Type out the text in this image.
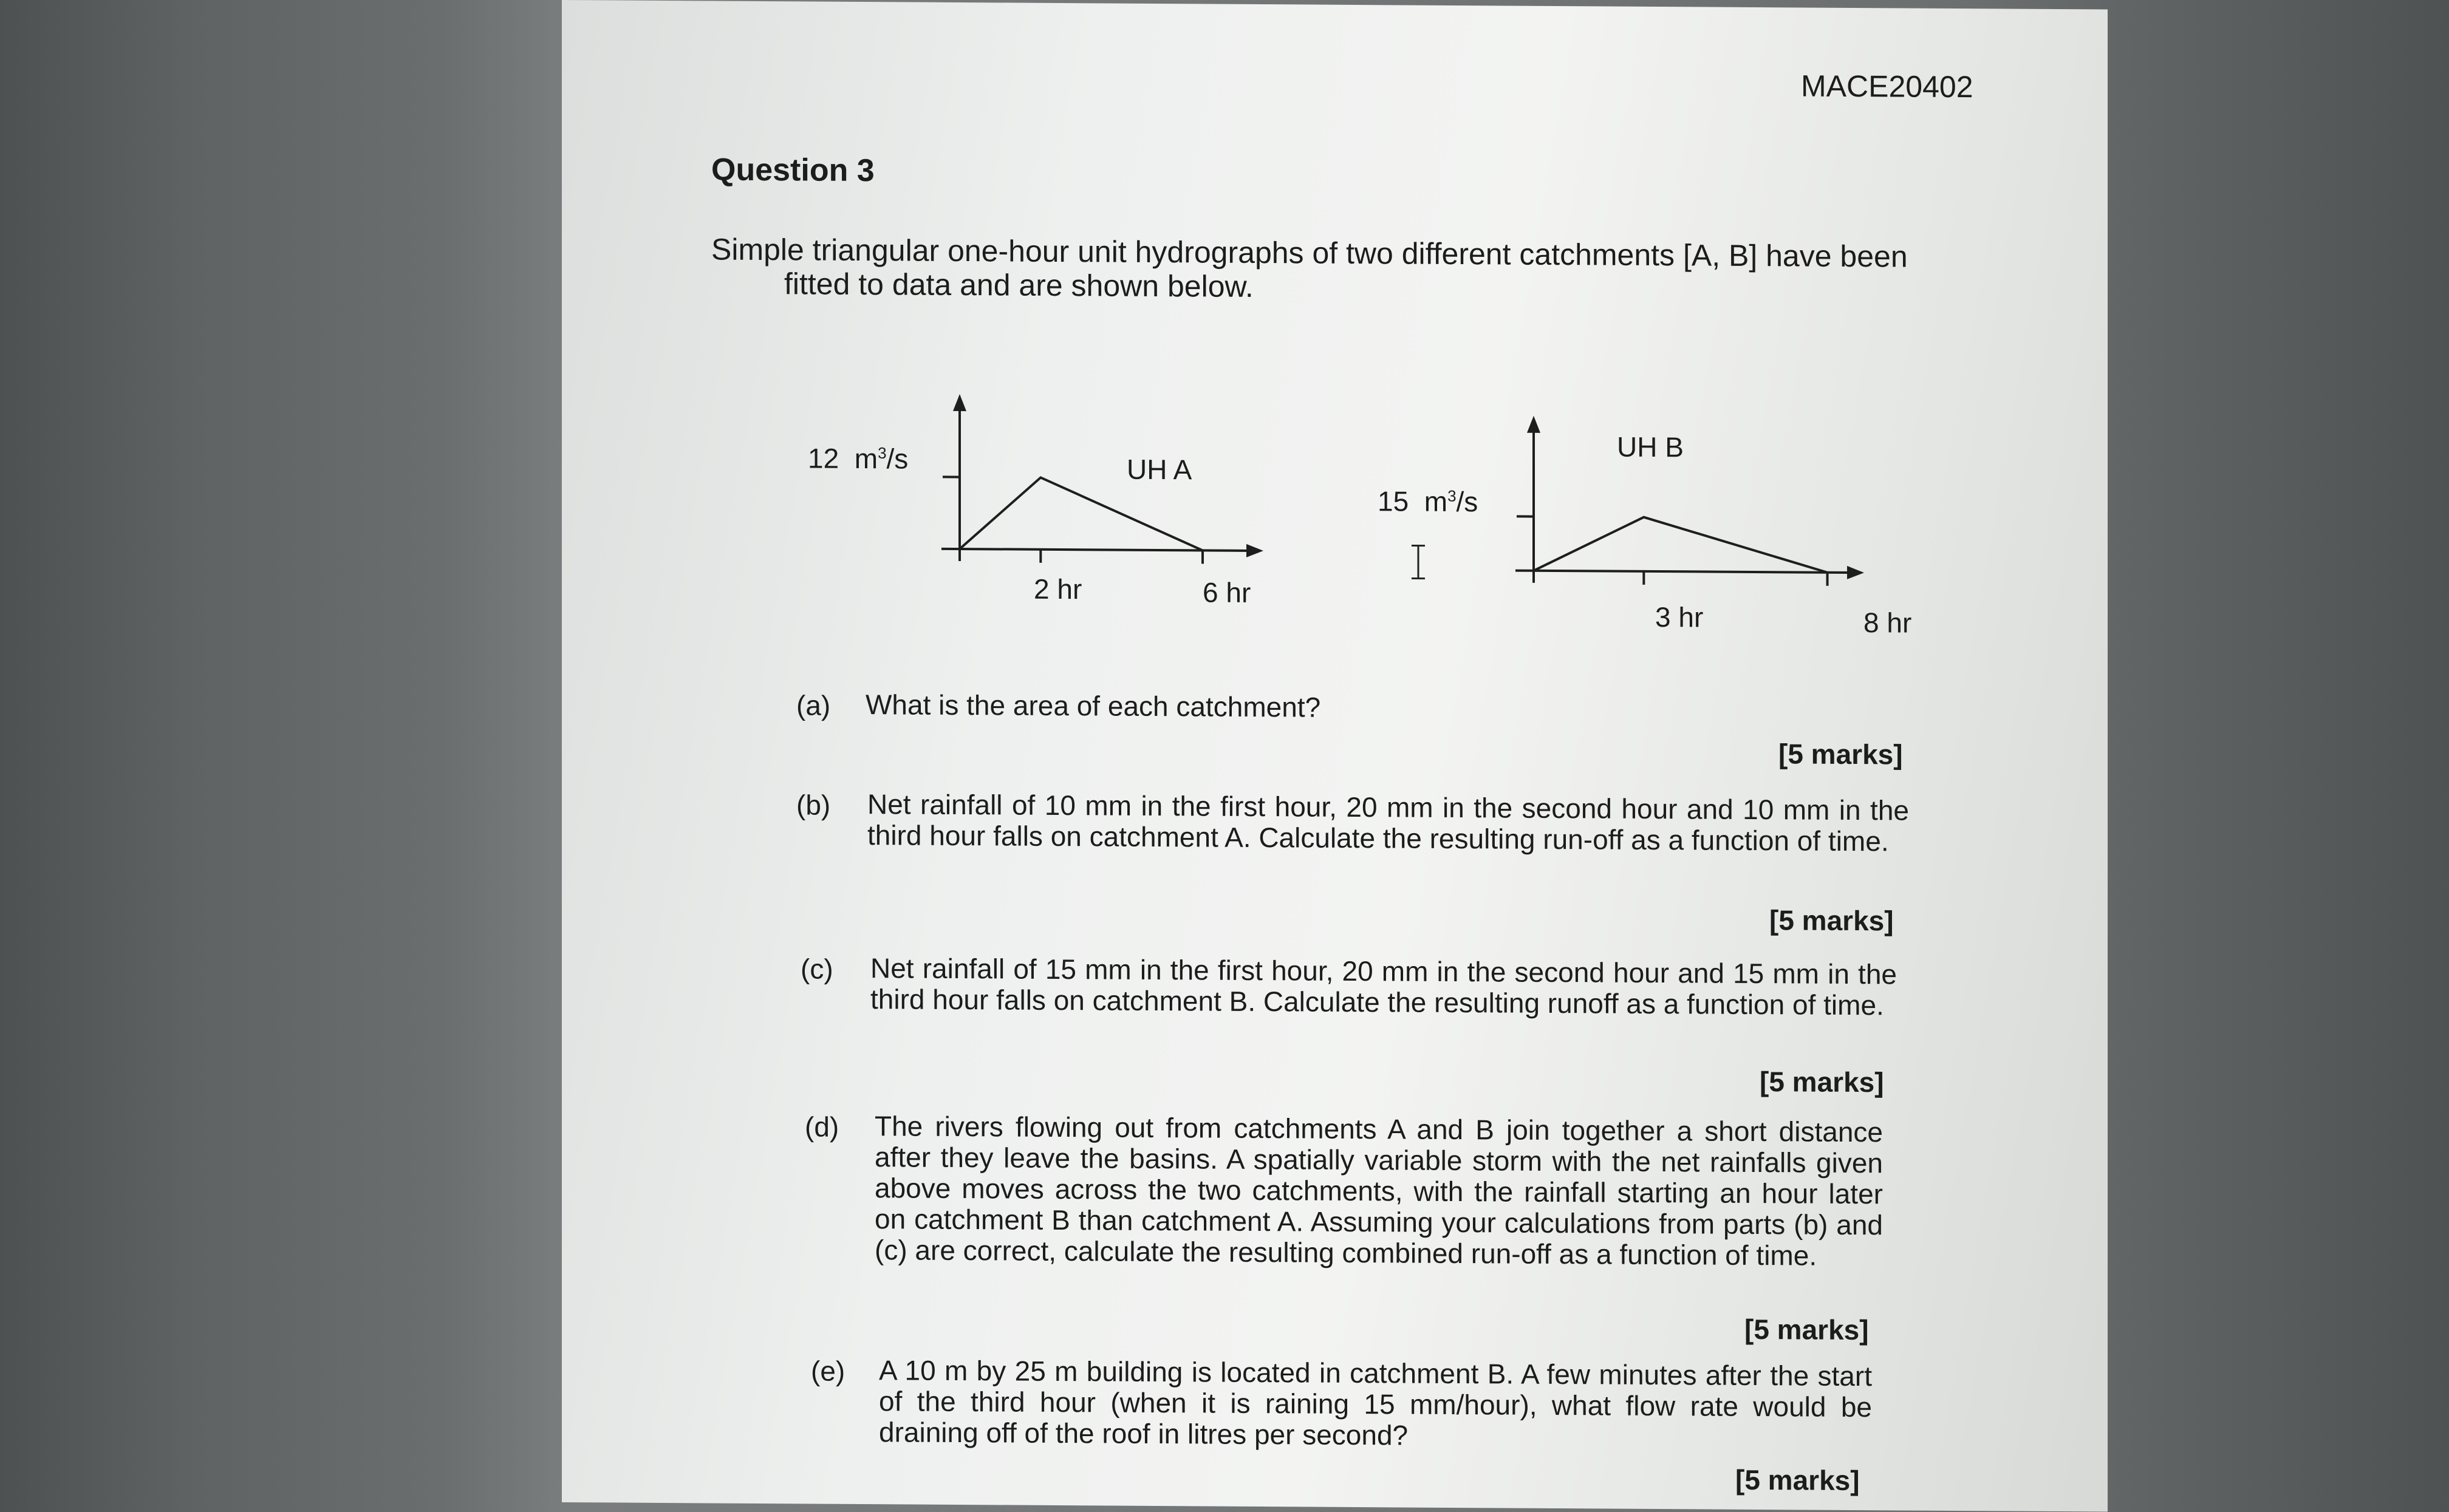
MACE20402
Question 3
Simple triangular one-hour unit hydrographs of two different catchments [A, B] have been
fitted to data and are shown below.
12 $m^3/s$	UH A
2 hr	6 hr
15 $m^3/s$
UH B
3 hr	8 hr
(a) What is the area of each catchment?
[5 marks]
(b) Net rainfall of 10 mm in the first hour, 20 mm in the second hour and 10 mm in the third hour falls on catchment A. Calculate the resulting run-off as a function of time.
[5 marks]
(c) Net rainfall of 15 mm in the first hour, 20 mm in the second hour and 15 mm in the third hour falls on catchment B. Calculate the resulting runoff as a function of time.
[5 marks]
(d) The rivers flowing out from catchments A and B join together a short distance after they leave the basins. A spatially variable storm with the net rainfalls given above moves across the two catchments, with the rainfall starting an hour later on catchment B than catchment A. Assuming your calculations from parts (b) and (c) are correct, calculate the resulting combined run-off as a function of time.
[5 marks]
(e) A 10 m by 25 m building is located in catchment B. A few minutes after the start of the third hour (when it is raining 15 mm/hour), what flow rate would be draining off of the roof in litres per second?
[5 marks]
